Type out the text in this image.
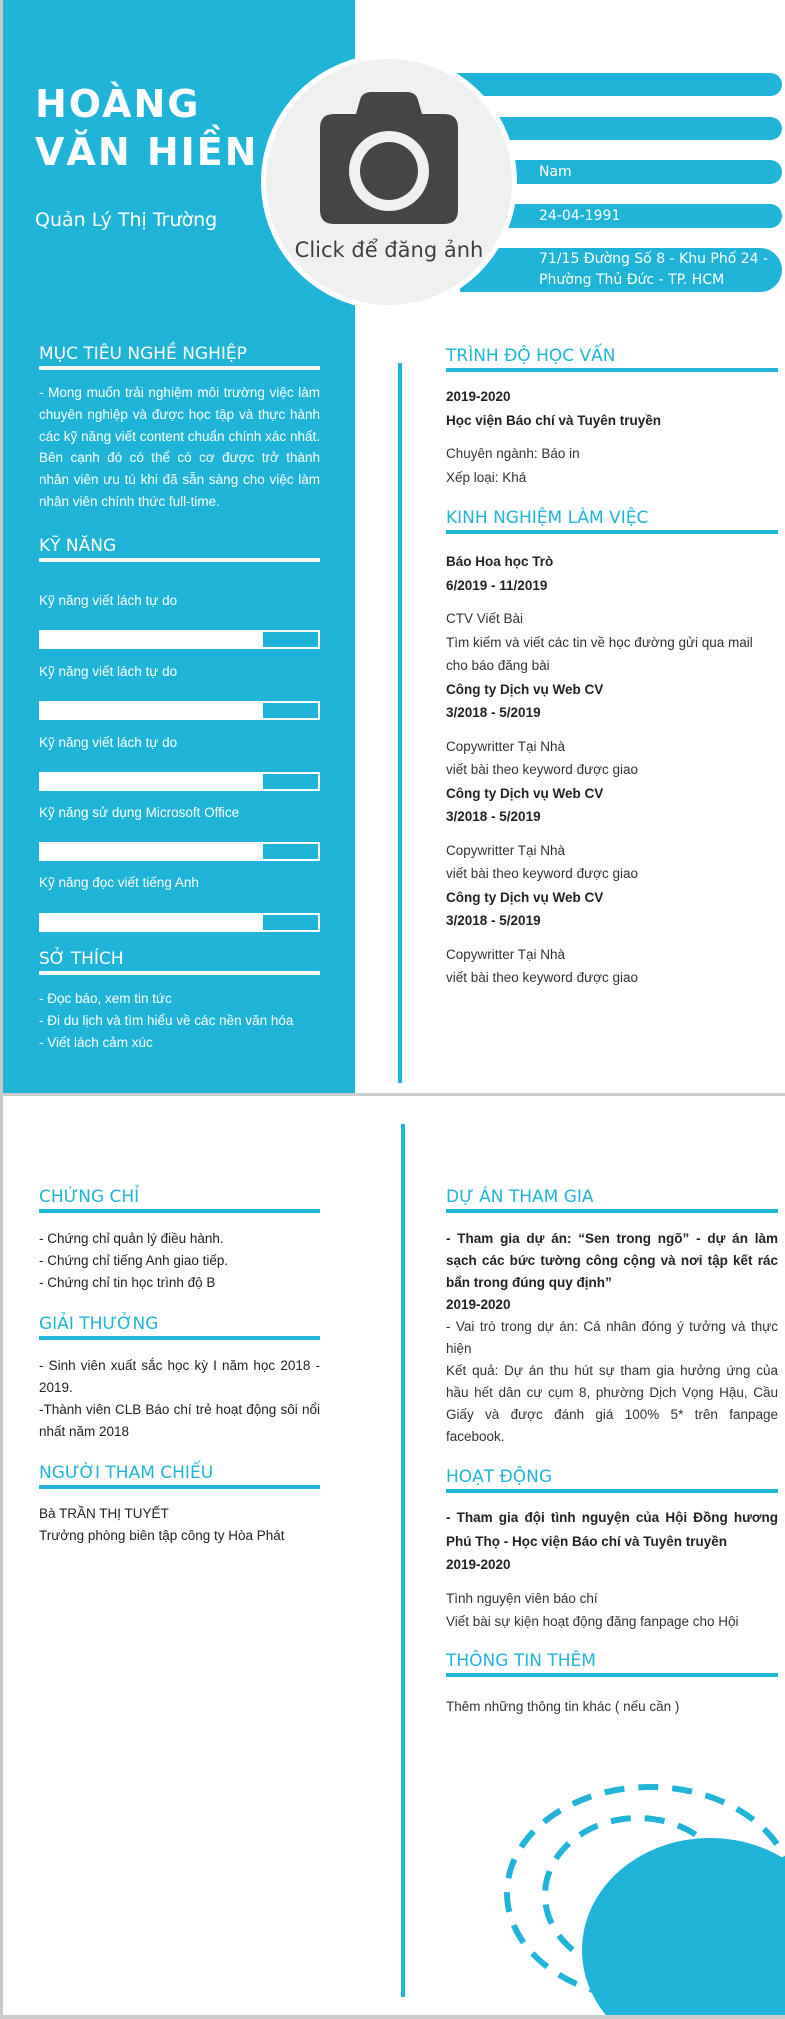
HOÀNG
VĂN HIỀN
Quản Lý Thị Trường
Nam
24-04-1991
71/15 Đường Số 8 - Khu Phố 24 -
Phường Thủ Đức - TP. HCM
Click để đăng ảnh
MỤC TIÊU NGHỀ NGHIỆP
- Mong muốn trải nghiệm môi trường việc làm chuyên nghiệp và được học tập và thực hành các kỹ năng viết content chuẩn chính xác nhất. Bên cạnh đó có thể có cơ được trở thành nhân viên ưu tú khi đã sẵn sàng cho việc làm nhân viên chính thức full-time.
KỸ NĂNG
Kỹ năng viết lách tự do
Kỹ năng viết lách tự do
Kỹ năng viết lách tự do
Kỹ năng sử dụng Microsoft Office
Kỹ năng đọc viết tiếng Anh
SỞ THÍCH
- Đọc báo, xem tin tức
- Đi du lịch và tìm hiểu về các nền văn hóa
- Viết lách cảm xúc
TRÌNH ĐỘ HỌC VẤN
2019-2020
Học viện Báo chí và Tuyên truyền
Chuyên ngành: Báo in
Xếp loại: Khá
KINH NGHIỆM LÀM VIỆC
Báo Hoa học Trò
6/2019 - 11/2019
CTV Viết Bài
Tìm kiếm và viết các tin về học đường gửi qua mail cho báo đăng bài
Công ty Dịch vụ Web CV
3/2018 - 5/2019
Copywritter Tại Nhà
viết bài theo keyword được giao
Công ty Dịch vụ Web CV
3/2018 - 5/2019
Copywritter Tại Nhà
viết bài theo keyword được giao
Công ty Dịch vụ Web CV
3/2018 - 5/2019
Copywritter Tại Nhà
viết bài theo keyword được giao
CHỨNG CHỈ
- Chứng chỉ quản lý điều hành.
- Chứng chỉ tiếng Anh giao tiếp.
- Chứng chỉ tin học trình độ B
GIẢI THƯỞNG
- Sinh viên xuất sắc học kỳ I năm học 2018 - 2019.
-Thành viên CLB Báo chí trẻ hoạt động sôi nổi nhất năm 2018
NGƯỜI THAM CHIẾU
Bà TRẦN THỊ TUYẾT
Trưởng phòng biên tập công ty Hòa Phát
DỰ ÁN THAM GIA
- Tham gia dự án: “Sen trong ngõ” - dự án làm sạch các bức tường công cộng và nơi tập kết rác bẩn trong đúng quy định”
2019-2020
- Vai trò trong dự án: Cá nhân đóng ý tưởng và thực hiện
Kết quả: Dự án thu hút sự tham gia hưởng ứng của hầu hết dân cư cụm 8, phường Dịch Vọng Hậu, Cầu Giấy và được đánh giá 100% 5* trên fanpage facebook.
HOẠT ĐỘNG
- Tham gia đội tình nguyện của Hội Đồng hương Phú Thọ - Học viện Báo chí và Tuyên truyền
2019-2020
Tình nguyện viên báo chí
Viết bài sự kiện hoạt động đăng fanpage cho Hội
THÔNG TIN THÊM
Thêm những thông tin khác ( nếu cần )
